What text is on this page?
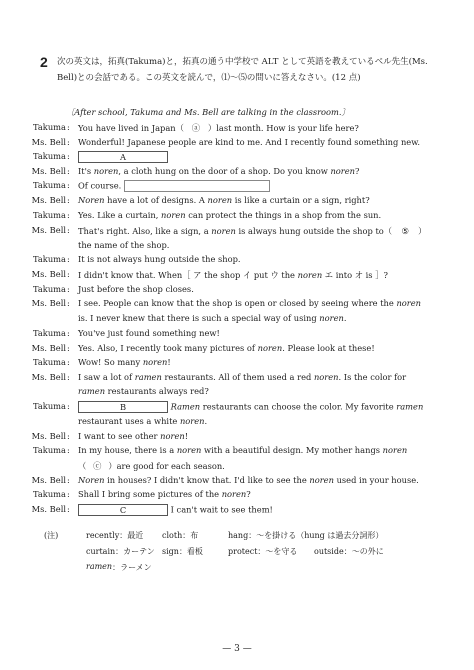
2 次の英文は，拓真(Takuma)と，拓真の通う中学校で ALT として英語を教えているベル先生(Ms.
Bell)との会話である。この英文を読んで，⑴～⑸の問いに答えなさい。(12 点)
〔After school, Takuma and Ms. Bell are talking in the classroom.〕
Takuma : You have lived in Japan（ ⓐ ）last month. How is your life here?
Ms. Bell : Wonderful! Japanese people are kind to me. And I recently found something new.
Takuma :	A
Ms. Bell : It's noren, a cloth hung on the door of a shop. Do you know noren?
Takuma : Of course.
Ms. Bell : Noren have a lot of designs. A noren is like a curtain or a sign, right?
Takuma : Yes. Like a curtain, noren can protect the things in a shop from the sun.
Ms. Bell : That's right. Also, like a sign, a noren is always hung outside the shop to（ ⑤ ）
the name of the shop.
Takuma : It is not always hung outside the shop.
Ms. Bell : I didn't know that. When［ ア the shop イ put ウ the noren エ into オ is ］?
Takuma : Just before the shop closes.
Ms. Bell : I see. People can know that the shop is open or closed by seeing where the noren
is. I never knew that there is such a special way of using noren.
Takuma : You've just found something new!
Ms. Bell : Yes. Also, I recently took many pictures of noren. Please look at these!
Takuma : Wow! So many noren!
Ms. Bell : I saw a lot of ramen restaurants. All of them used a red noren. Is the color for
ramen restaurants always red?
Takuma :	B	Ramen restaurants can choose the color. My favorite ramen
restaurant uses a white noren.
Ms. Bell : I want to see other noren!
Takuma : In my house, there is a noren with a beautiful design. My mother hangs noren
（ ⓒ ）are good for each season.
Ms. Bell : Noren in houses? I didn't know that. I'd like to see the noren used in your house.
Takuma : Shall I bring some pictures of the noren?
Ms. Bell :	C	I can't wait to see them!
(注)	recently：最近 cloth：布	hang：～を掛ける（hung は過去分詞形）
curtain：カーテン sign：看板	protect：～を守る outside：～の外に
ramen ：ラーメン
— 3 —
